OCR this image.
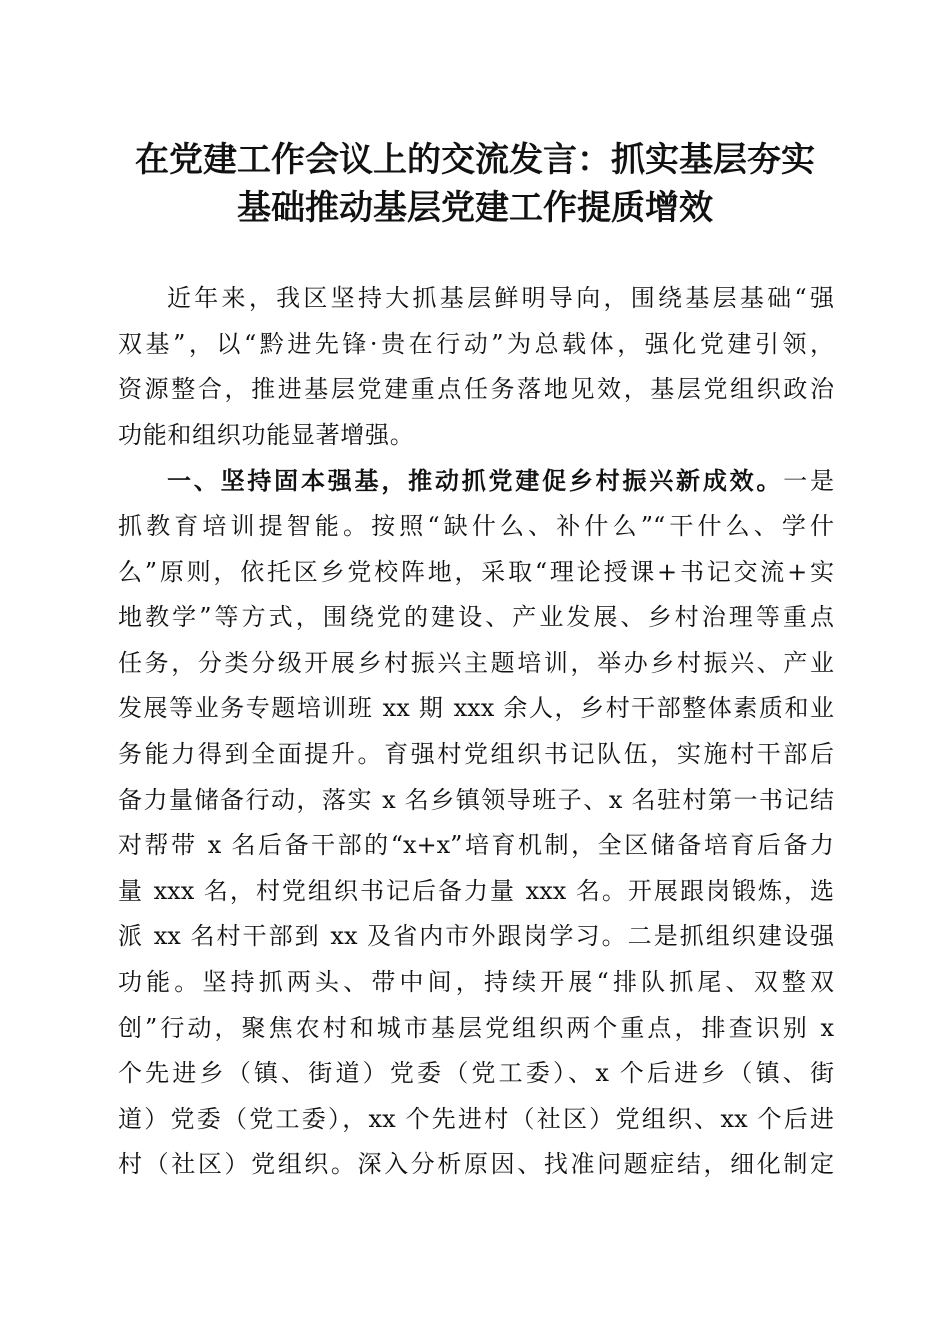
在党建工作会议上的交流发言：抓实基层夯实
基础推动基层党建工作提质增效
近年来，我区坚持大抓基层鲜明导向，围绕基层基础“强
双基”，以“黔进先锋·贵在行动”为总载体，强化党建引领，
资源整合，推进基层党建重点任务落地见效，基层党组织政治
功能和组织功能显著增强。
一、坚持固本强基，推动抓党建促乡村振兴新成效。一是
抓教育培训提智能。按照“缺什么、补什么”“干什么、学什
么”原则，依托区乡党校阵地，采取“理论授课+书记交流+实
地教学”等方式，围绕党的建设、产业发展、乡村治理等重点
任务，分类分级开展乡村振兴主题培训，举办乡村振兴、产业
发展等业务专题培训班 xx 期 xxx 余人，乡村干部整体素质和业
务能力得到全面提升。育强村党组织书记队伍，实施村干部后
备力量储备行动，落实 x 名乡镇领导班子、x 名驻村第一书记结
对帮带 x 名后备干部的“x+x”培育机制，全区储备培育后备力
量 xxx 名，村党组织书记后备力量 xxx 名。开展跟岗锻炼，选
派 xx 名村干部到 xx 及省内市外跟岗学习。二是抓组织建设强
功能。坚持抓两头、带中间，持续开展“排队抓尾、双整双
创”行动，聚焦农村和城市基层党组织两个重点，排查识别 x
个先进乡（镇、街道）党委（党工委）、x 个后进乡（镇、街
道）党委（党工委），xx 个先进村（社区）党组织、xx 个后进
村（社区）党组织。深入分析原因、找准问题症结，细化制定
